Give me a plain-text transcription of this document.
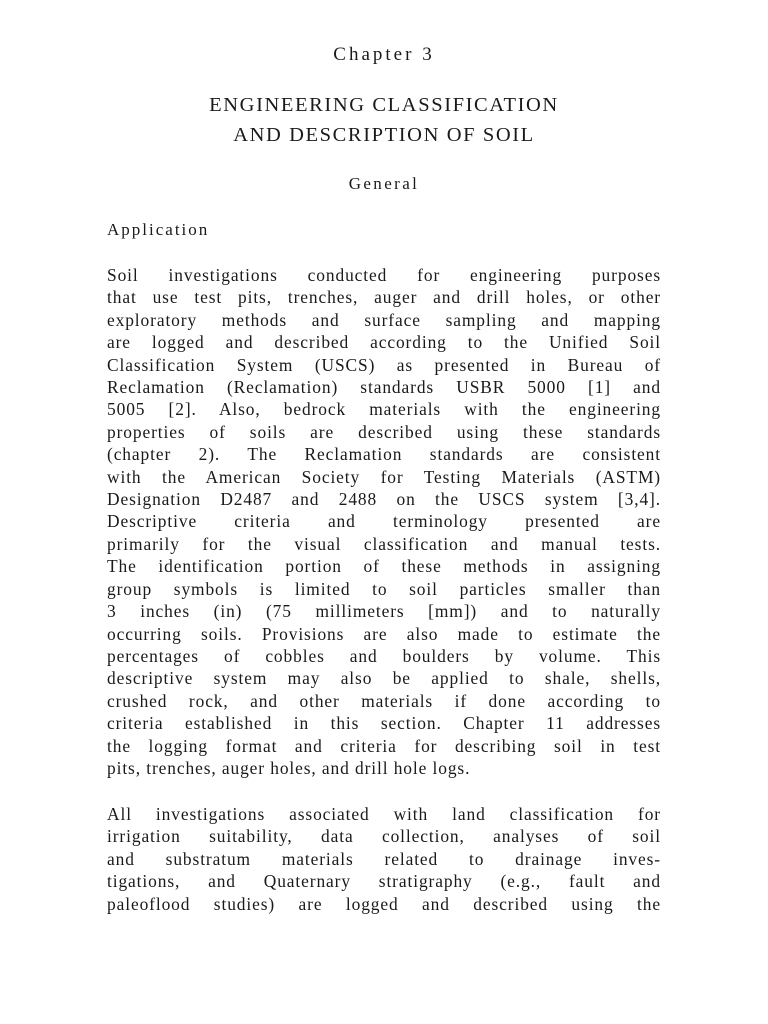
Chapter 3
ENGINEERING CLASSIFICATION
AND DESCRIPTION OF SOIL
General
Application

Soil investigations conducted for engineering purposes
that use test pits, trenches, auger and drill holes, or other
exploratory methods and surface sampling and mapping
are logged and described according to the Unified Soil
Classification System (USCS) as presented in Bureau of
Reclamation (Reclamation) standards USBR 5000 [1] and
5005 [2]. Also, bedrock materials with the engineering
properties of soils are described using these standards
(chapter 2). The Reclamation standards are consistent
with the American Society for Testing Materials (ASTM)
Designation D2487 and 2488 on the USCS system [3,4].
Descriptive criteria and terminology presented are
primarily for the visual classification and manual tests.
The identification portion of these methods in assigning
group symbols is limited to soil particles smaller than
3 inches (in) (75 millimeters [mm]) and to naturally
occurring soils. Provisions are also made to estimate the
percentages of cobbles and boulders by volume. This
descriptive system may also be applied to shale, shells,
crushed rock, and other materials if done according to
criteria established in this section. Chapter 11 addresses
the logging format and criteria for describing soil in test
pits, trenches, auger holes, and drill hole logs.

All investigations associated with land classification for
irrigation suitability, data collection, analyses of soil
and substratum materials related to drainage inves-
tigations, and Quaternary stratigraphy (e.g., fault and
paleoflood studies) are logged and described using the
